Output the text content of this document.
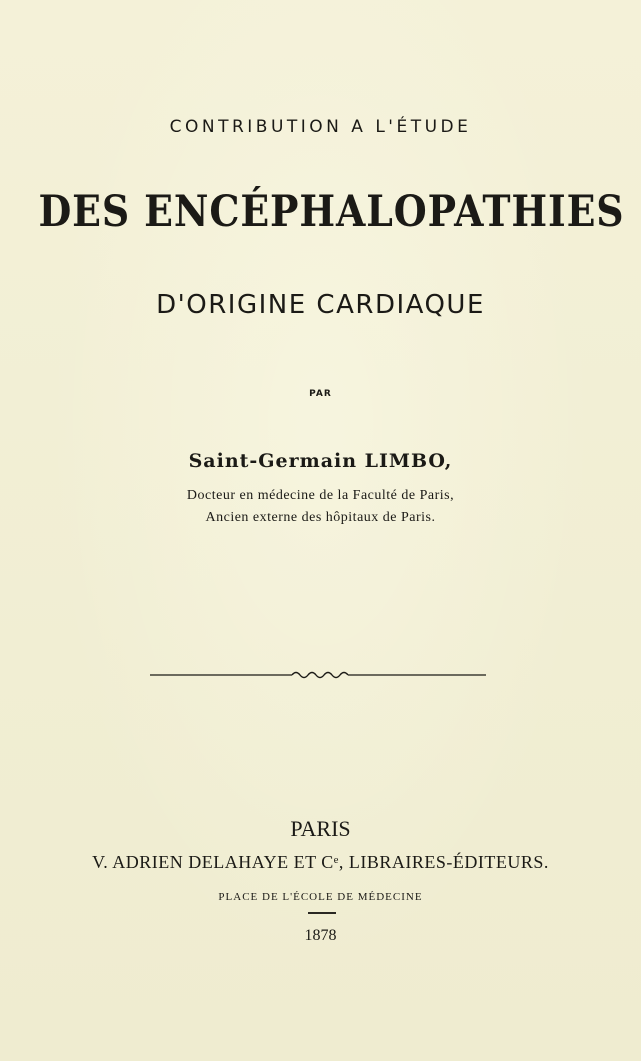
CONTRIBUTION A L'ÉTUDE
DES ENCÉPHALOPATHIES
D'ORIGINE CARDIAQUE
PAR
Saint-Germain LIMBO,
Docteur en médecine de la Faculté de Paris,
Ancien externe des hôpitaux de Paris.
PARIS
V. ADRIEN DELAHAYE ET Cᵉ, LIBRAIRES-ÉDITEURS.
PLACE DE L'ÉCOLE DE MÉDECINE
1878
